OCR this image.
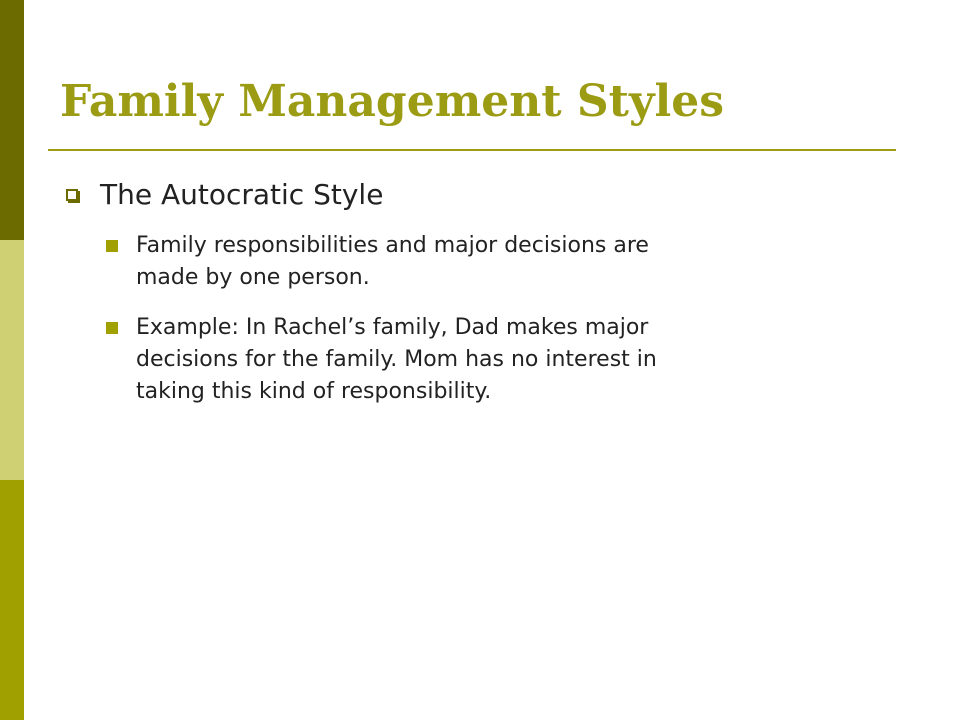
Family Management Styles
The Autocratic Style
Family responsibilities and major decisions are
made by one person.
Example: In Rachel’s family, Dad makes major
decisions for the family. Mom has no interest in
taking this kind of responsibility.
